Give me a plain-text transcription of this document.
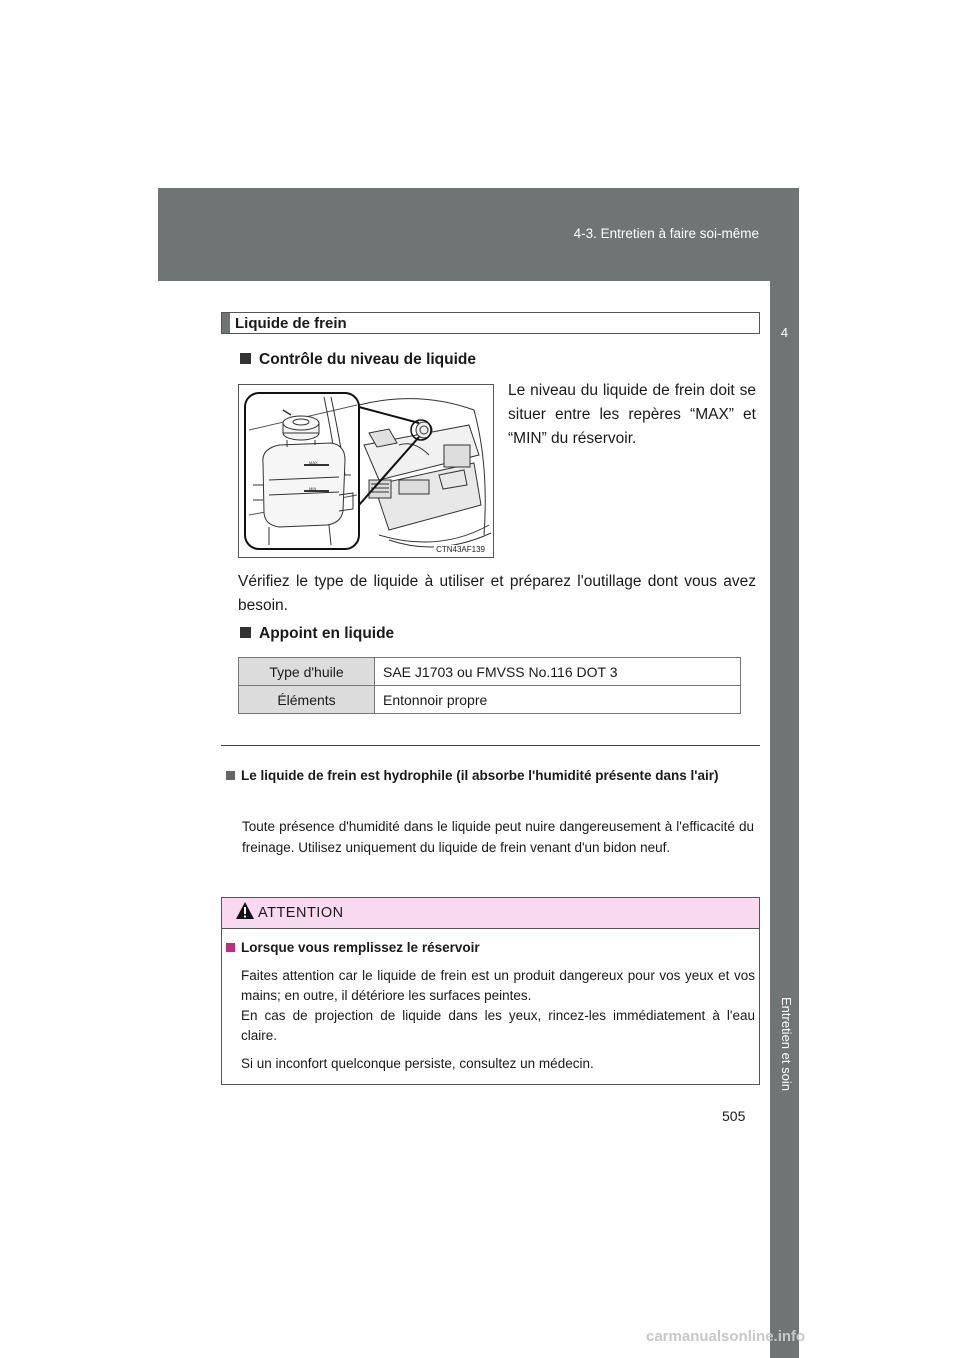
4-3. Entretien à faire soi-même
4
Entretien et soin
Liquide de frein
Contrôle du niveau de liquide
MAX
MIN
CTN43AF139
Le niveau du liquide de frein doit se situer entre les repères “MAX” et “MIN” du réservoir.
Vérifiez le type de liquide à utiliser et préparez l'outillage dont vous avez besoin.
Appoint en liquide
Type d'huile	SAE J1703 ou FMVSS No.116 DOT 3
Éléments	Entonnoir propre
Le liquide de frein est hydrophile (il absorbe l'humidité présente dans l'air)

Toute présence d'humidité dans le liquide peut nuire dangereusement à l'efficacité du freinage. Utilisez uniquement du liquide de frein venant d'un bidon neuf.

ATTENTION
Lorsque vous remplissez le réservoir

Faites attention car le liquide de frein est un produit dangereux pour vos yeux et vos mains; en outre, il détériore les surfaces peintes.

En cas de projection de liquide dans les yeux, rincez-les immédiatement à l'eau claire.

Si un inconfort quelconque persiste, consultez un médecin.

505
carmanualsonline.info
